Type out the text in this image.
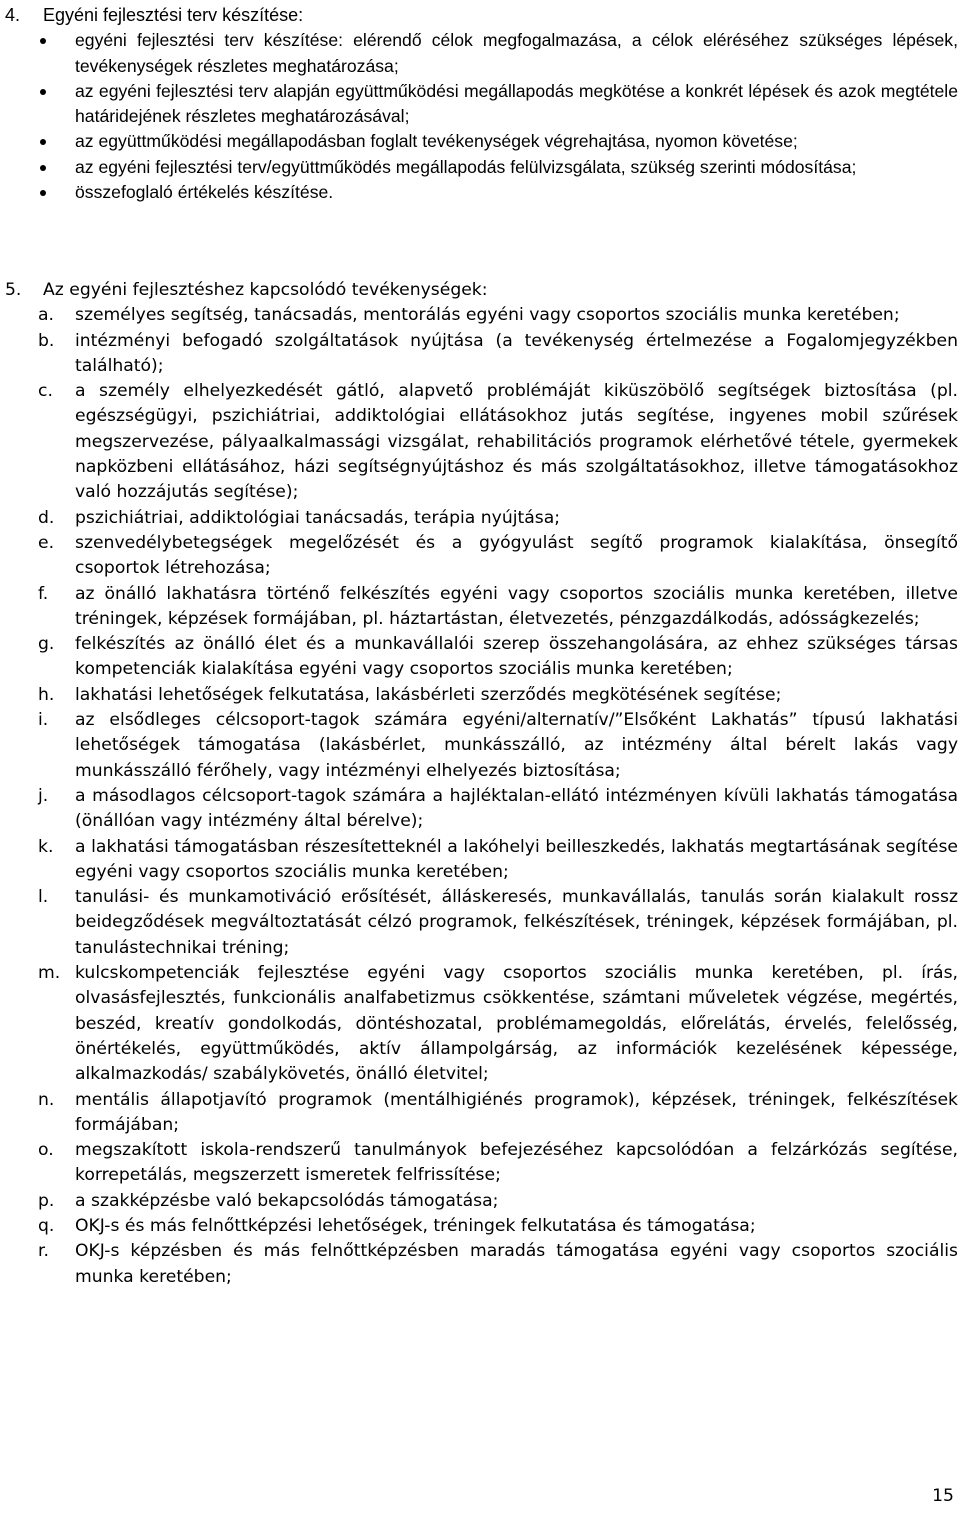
4.	Egyéni fejlesztési terv készítése:
egyéni fejlesztési terv készítése: elérendő célok megfogalmazása, a célok eléréséhez szükséges lépések, tevékenységek részletes meghatározása;
az egyéni fejlesztési terv alapján együttműködési megállapodás megkötése a konkrét lépések és azok megtétele határidejének részletes meghatározásával;
az együttműködési megállapodásban foglalt tevékenységek végrehajtása, nyomon követése;
az egyéni fejlesztési terv/együttműködés megállapodás felülvizsgálata, szükség szerinti módosítása;
összefoglaló értékelés készítése.
5.	Az egyéni fejlesztéshez kapcsolódó tevékenységek:
a.	személyes segítség, tanácsadás, mentorálás egyéni vagy csoportos szociális munka keretében;
b.	intézményi befogadó szolgáltatások nyújtása (a tevékenység értelmezése a Fogalomjegyzékben található);
c.	a személy elhelyezkedését gátló, alapvető problémáját kiküszöbölő segítségek biztosítása (pl. egészségügyi, pszichiátriai, addiktológiai ellátásokhoz jutás segítése, ingyenes mobil szűrések megszervezése, pályaalkalmassági vizsgálat, rehabilitációs programok elérhetővé tétele, gyermekek napközbeni ellátásához, házi segítségnyújtáshoz és más szolgáltatásokhoz, illetve támogatásokhoz való hozzájutás segítése);
d.	pszichiátriai, addiktológiai tanácsadás, terápia nyújtása;
e.	szenvedélybetegségek megelőzését és a gyógyulást segítő programok kialakítása, önsegítő csoportok létrehozása;
f.	az önálló lakhatásra történő felkészítés egyéni vagy csoportos szociális munka keretében, illetve tréningek, képzések formájában, pl. háztartástan, életvezetés, pénzgazdálkodás, adósságkezelés;
g.	felkészítés az önálló élet és a munkavállalói szerep összehangolására, az ehhez szükséges társas kompetenciák kialakítása egyéni vagy csoportos szociális munka keretében;
h.	lakhatási lehetőségek felkutatása, lakásbérleti szerződés megkötésének segítése;
i.	az elsődleges célcsoport-tagok számára egyéni/alternatív/”Elsőként Lakhatás” típusú lakhatási lehetőségek támogatása (lakásbérlet, munkásszálló, az intézmény által bérelt lakás vagy munkásszálló férőhely, vagy intézményi elhelyezés biztosítása;
j.	a másodlagos célcsoport-tagok számára a hajléktalan-ellátó intézményen kívüli lakhatás támogatása (önállóan vagy intézmény által bérelve);
k.	a lakhatási támogatásban részesítetteknél a lakóhelyi beilleszkedés, lakhatás megtartásának segítése egyéni vagy csoportos szociális munka keretében;
l.	tanulási- és munkamotiváció erősítését, álláskeresés, munkavállalás, tanulás során kialakult rossz beidegződések megváltoztatását célzó programok, felkészítések, tréningek, képzések formájában, pl. tanulástechnikai tréning;
m. kulcskompetenciák fejlesztése egyéni vagy csoportos szociális munka keretében, pl. írás, olvasásfejlesztés, funkcionális analfabetizmus csökkentése, számtani műveletek végzése, megértés, beszéd, kreatív gondolkodás, döntéshozatal, problémamegoldás, előrelátás, érvelés, felelősség, önértékelés, együttműködés, aktív állampolgárság, az információk kezelésének képessége, alkalmazkodás/ szabálykövetés, önálló életvitel;
n.	mentális állapotjavító programok (mentálhigiénés programok), képzések, tréningek, felkészítések formájában;
o.	megszakított iskola-rendszerű tanulmányok befejezéséhez kapcsolódóan a felzárkózás segítése, korrepetálás, megszerzett ismeretek felfrissítése;
p.	a szakképzésbe való bekapcsolódás támogatása;
q.	OKJ-s és más felnőttképzési lehetőségek, tréningek felkutatása és támogatása;
r.	OKJ-s képzésben és más felnőttképzésben maradás támogatása egyéni vagy csoportos szociális munka keretében;
15
